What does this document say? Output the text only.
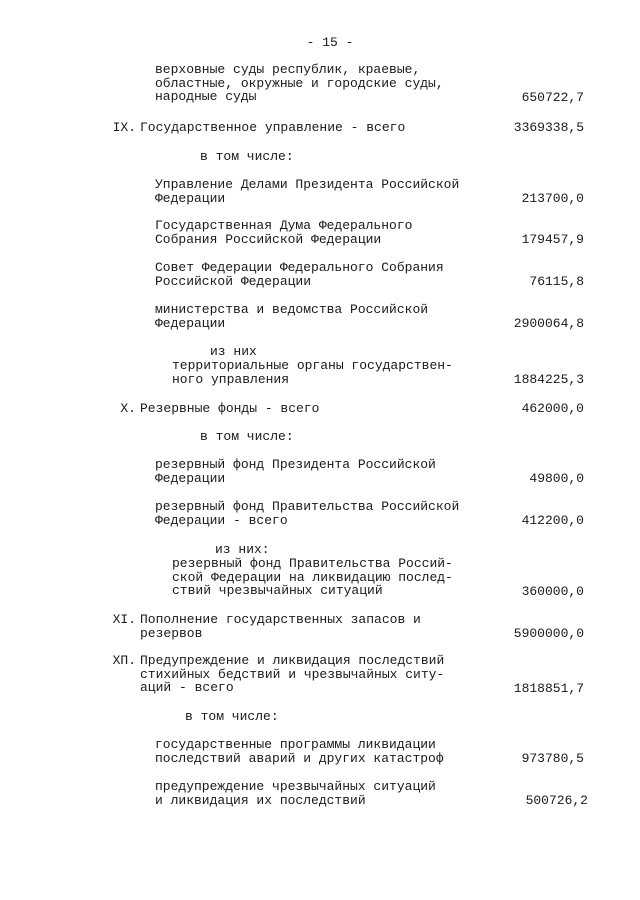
- 15 -
верховные суды республик, краевые,
областные, окружные и городские суды,
народные суды	650722,7
IX. Государственное управление - всего	3369338,5
в том числе:
Управление Делами Президента Российской
Федерации	213700,0
Государственная Дума Федерального
Собрания Российской Федерации	179457,9
Совет Федерации Федерального Собрания
Российской Федерации	76115,8
министерства и ведомства Российской
Федерации	2900064,8
из них
территориальные органы государствен-
ного управления	1884225,3
X. Резервные фонды - всего	462000,0
в том числе:
резервный фонд Президента Российской
Федерации	49800,0
резервный фонд Правительства Российской
Федерации - всего	412200,0
из них:
резервный фонд Правительства Россий-
ской Федерации на ликвидацию послед-
ствий чрезвычайных ситуаций	360000,0
XI. Пополнение государственных запасов и
резервов	5900000,0
XП. Предупреждение и ликвидация последствий
стихийных бедствий и чрезвычайных ситу-
аций - всего	1818851,7
в том числе:
государственные программы ликвидации
последствий аварий и других катастроф	973780,5
предупреждение чрезвычайных ситуаций
и ликвидация их последствий	500726,2
